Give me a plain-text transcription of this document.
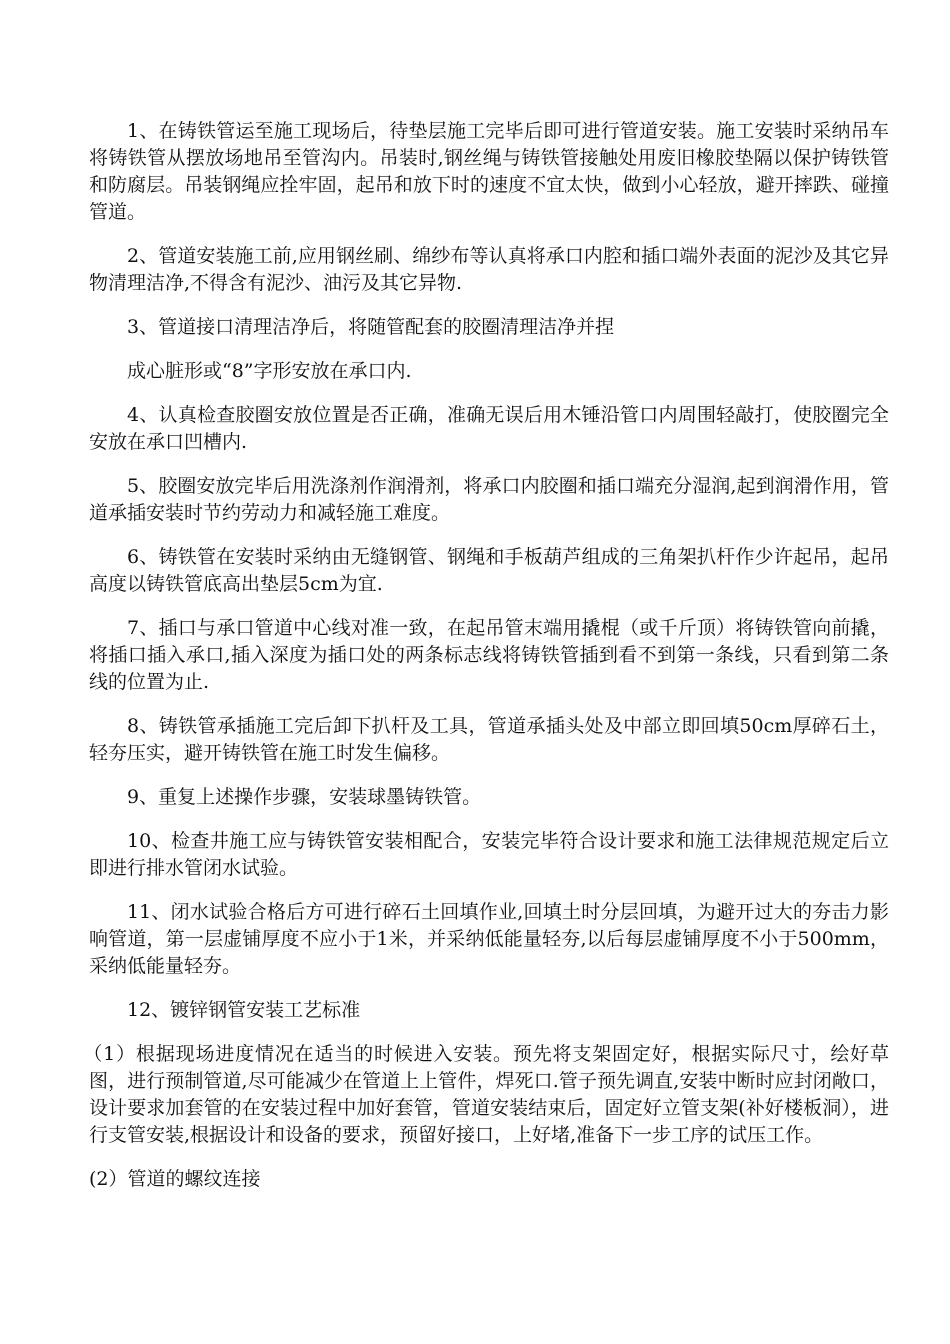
1、在铸铁管运至施工现场后，待垫层施工完毕后即可进行管道安装。施工安装时采纳吊车将铸铁管从摆放场地吊至管沟内。吊装时,钢丝绳与铸铁管接触处用废旧橡胶垫隔以保护铸铁管和防腐层。吊装钢绳应拴牢固，起吊和放下时的速度不宜太快，做到小心轻放，避开摔跌、碰撞管道。

2、管道安装施工前,应用钢丝刷、绵纱布等认真将承口内腔和插口端外表面的泥沙及其它异物清理洁净,不得含有泥沙、油污及其它异物.

3、管道接口清理洁净后，将随管配套的胶圈清理洁净并捏

成心脏形或“8”字形安放在承口内.

4、认真检查胶圈安放位置是否正确，准确无误后用木锤沿管口内周围轻敲打，使胶圈完全安放在承口凹槽内.

5、胶圈安放完毕后用洗涤剂作润滑剂，将承口内胶圈和插口端充分湿润,起到润滑作用，管道承插安装时节约劳动力和减轻施工难度。

6、铸铁管在安装时采纳由无缝钢管、钢绳和手板葫芦组成的三角架扒杆作少许起吊，起吊高度以铸铁管底高出垫层5cm为宜.

7、插口与承口管道中心线对准一致，在起吊管末端用撬棍（或千斤顶）将铸铁管向前撬，将插口插入承口,插入深度为插口处的两条标志线将铸铁管插到看不到第一条线，只看到第二条线的位置为止.

8、铸铁管承插施工完后卸下扒杆及工具，管道承插头处及中部立即回填50cm厚碎石土，轻夯压实，避开铸铁管在施工时发生偏移。

9、重复上述操作步骤，安装球墨铸铁管。

10、检查井施工应与铸铁管安装相配合，安装完毕符合设计要求和施工法律规范规定后立即进行排水管闭水试验。

11、闭水试验合格后方可进行碎石土回填作业,回填土时分层回填，为避开过大的夯击力影响管道，第一层虚铺厚度不应小于1米，并采纳低能量轻夯,以后每层虚铺厚度不小于500mm，采纳低能量轻夯。

12、镀锌钢管安装工艺标准

（1）根据现场进度情况在适当的时候进入安装。预先将支架固定好，根据实际尺寸，绘好草图，进行预制管道,尽可能减少在管道上上管件，焊死口.管子预先调直,安装中断时应封闭敞口，设计要求加套管的在安装过程中加好套管，管道安装结束后，固定好立管支架(补好楼板洞），进行支管安装,根据设计和设备的要求，预留好接口，上好堵,准备下一步工序的试压工作。

(2）管道的螺纹连接
